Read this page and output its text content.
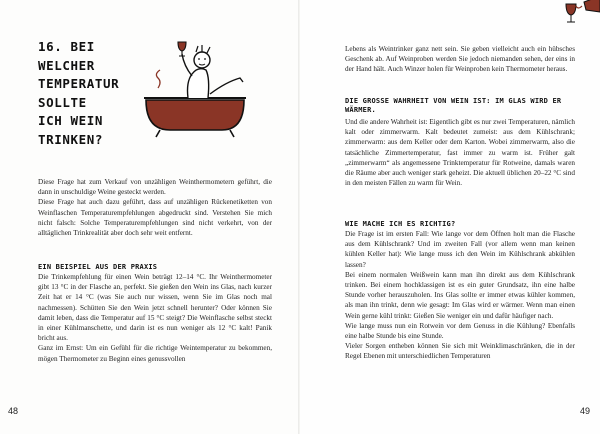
16. BEI
WELCHER
TEMPERATUR
SOLLTE
ICH WEIN
TRINKEN?

Diese Frage hat zum Verkauf von unzähligen Weinthermometern geführt, die dann in unschuldige Weine gesteckt werden.

Diese Frage hat auch dazu geführt, dass auf unzähligen Rückenetiketten von Weinflaschen Temperaturempfehlungen abgedruckt sind. Verstehen Sie mich nicht falsch: Solche Temperaturempfehlungen sind nicht verkehrt, von der alltäglichen Trinkrealität aber doch sehr weit entfernt.

EIN BEISPIEL AUS DER PRAXIS

Die Trinkempfehlung für einen Wein beträgt 12–14 °C. Ihr Weinthermometer gibt 13 °C in der Flasche an, perfekt. Sie gießen den Wein ins Glas, nach kurzer Zeit hat er 14 °C (was Sie auch nur wissen, wenn Sie im Glas noch mal nachmessen). Schütten Sie den Wein jetzt schnell herunter? Oder können Sie damit leben, dass die Temperatur auf 15 °C steigt? Die Weinflasche selbst steckt in einer Kühlmanschette, und darin ist es nun weniger als 12 °C kalt! Panik bricht aus.

Ganz im Ernst: Um ein Gefühl für die richtige Weintemperatur zu bekommen, mögen Thermometer zu Beginn eines genussvollen

48

Lebens als Weintrinker ganz nett sein. Sie geben vielleicht auch ein hübsches Geschenk ab. Auf Weinproben werden Sie jedoch niemanden sehen, der eins in der Hand hält. Auch Winzer holen für Weinproben kein Thermometer heraus.

DIE GROSSE WAHRHEIT VON WEIN IST: IM GLAS WIRD ER WÄRMER.

Und die andere Wahrheit ist: Eigentlich gibt es nur zwei Temperaturen, nämlich kalt oder zimmerwarm. Kalt bedeutet zumeist: aus dem Kühlschrank; zimmerwarm: aus dem Keller oder dem Karton. Wobei zimmerwarm, also die tatsächliche Zimmertemperatur, fast immer zu warm ist. Früher galt „zimmerwarm“ als angemessene Trinktemperatur für Rotweine, damals waren die Räume aber auch weniger stark geheizt. Die aktuell üblichen 20–22 °C sind in den meisten Fällen zu warm für Wein.

WIE MACHE ICH ES RICHTIG?

Die Frage ist im ersten Fall: Wie lange vor dem Öffnen holt man die Flasche aus dem Kühlschrank? Und im zweiten Fall (vor allem wenn man keinen kühlen Keller hat): Wie lange muss ich den Wein im Kühlschrank abkühlen lassen?

Bei einem normalen Weißwein kann man ihn direkt aus dem Kühlschrank trinken. Bei einem hochklassigen ist es ein guter Grundsatz, ihn eine halbe Stunde vorher herauszuholen. Ins Glas sollte er immer etwas kühler kommen, als man ihn trinkt, denn wie gesagt: Im Glas wird er wärmer. Wenn man einen Wein gerne kühl trinkt: Gießen Sie weniger ein und dafür häufiger nach.

Wie lange muss nun ein Rotwein vor dem Genuss in die Kühlung? Ebenfalls eine halbe Stunde bis eine Stunde.

Vieler Sorgen entheben können Sie sich mit Weinklimaschränken, die in der Regel Ebenen mit unterschiedlichen Temperaturen

49
